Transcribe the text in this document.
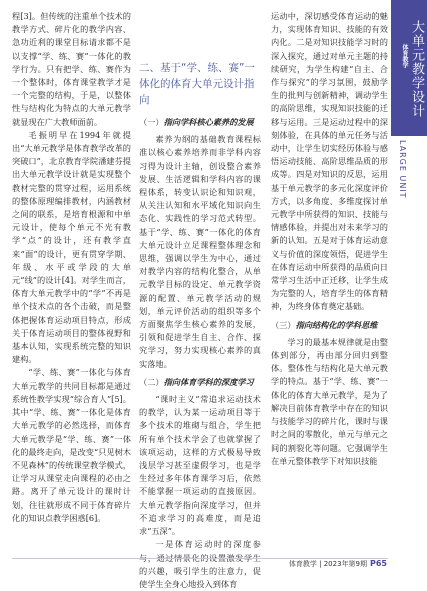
程[3]。但传统的注重单个技术的教学方式、碎片化的教学内容、急功近利的课堂目标请求都不是以支撑“学、练、赛”一体化的教学行为。只有把学、练、赛作为一个整体时，体育课堂教学才是一个完整的结构，于是，以整体性与结构化为特点的大单元教学就显现在广大教师面前。

毛振明早在1994年就提出“大单元教学是体育教学改革的突破口”，北京教育学院潘建芬提出大单元教学设计就是实现整个教材完整的贯穿过程，运用系统的整体原理编排教材，内涵教材之间的联系，是培育根源和中单元设计，使每个单元不光有教学“点”的设计，还有教学直来“面”的设计，更有贯穿学期、年级、水平或学段的大单元“线”的设计[4]。对学生而言，体育大单元教学中的“学”不再是单个技术点的各个击破，而是整体把握体育运动项目特点，形成关于体育运动项目的整体视野和基本认知，实现系统完整的知识建构。

“学、练、赛”一体化与体育大单元教学的共同目标都是通过系统性教学实现“综合育人”[5]。其中“学、练、赛”一体化是体育大单元教学的必然选择，而体育大单元教学是“学、练、赛”一体化的最终走向，是改变“只见树木不见森林”的传统课堂教学模式，让学习从课堂走向课程的必由之路。离开了单元设计的课时计划，往往就形成不同于体育碎片化的知识点教学困惑[6]。

二、基于“学、练、赛”一体化的体育大单元设计指向
（一）指向学科核心素养的发展

素养为纲的基础教育课程标准以核心素养培养而非学科内容习得为设计主轴，创设整合素养发展、生活逻辑和学科内容的课程体系，转变认识论和知识观，从关注认知和水平域化知识向生态化、实践性的学习范式转型。基于“学、练、赛”一体化的体育大单元设计立足课程整体理念和思维，强调以学生为中心，通过对教学内容的结构化整合，从单元教学目标的设定、单元教学资源的配置、单元教学活动的规划，单元评价活动的组织等多个方面聚焦学生核心素养的发展，引领和促进学生自主、合作、探究学习，努力实现核心素养的真实落地。

（二）指向体育学科的深度学习

“课时主义”常追求运动技术的教学，认为某一运动项目等于多个技术的堆砌与组合，学生把所有单个技术学会了也就掌握了该项运动，这样的方式极易导致浅层学习甚至虚假学习，也是学生经过多年体育课学习后，依然不能掌握一项运动的直接原因。大单元教学指向深度学习，但并不追求学习的高难度，而是追求“五深”。

一是体育运动时的深度参 的兴趣，吸引学生的注意力，促使学生全身心地投入到体育

运动中，深切感受体育运动的魅力，实现体育知识、技能的有效内化。二是对知识技能学习时的深入探究，通过对单元主题的持续研究，为学生构建“自主、合作与探究”的学习氛围，鼓励学生的批判与创新精神，调动学生的高阶思维，实现知识技能的迁移与运用。三是运动过程中的深刻体验，在具体的单元任务与活动中，让学生切实经历体验与感悟运动技能、高阶思维品质的形成等。四是对知识的反思，运用基于单元教学的多元化深度评价方式，以多角度、多维度探讨单元教学中所获得的知识、技能与情感体验，并提出对未来学习的新的认知。五是对于体育运动意义与价值的深度领悟，促进学生在体育运动中所获得的品质向日常学习生活中正迁移，让学生成为完整的人，培育学生的体育精神，为终身体育奠定基础。

（三）指向结构化的学科思维

学习的最基本规律就是由整体到部分，再由部分回归到整体。整体性与结构化是大单元教学的特点。基于“学、练、赛”一体化的体育大单元教学，是为了解决目前体育教学中存在的知识与技能学习的碎片化，课时与课时之间的零散化，单元与单元之间的割裂化等问题。它强调学生在单元整体教学下对知识技能

体育教学 大单元教学设计
LARGE UNIT
体育教学 | 2023年第9期 P65
